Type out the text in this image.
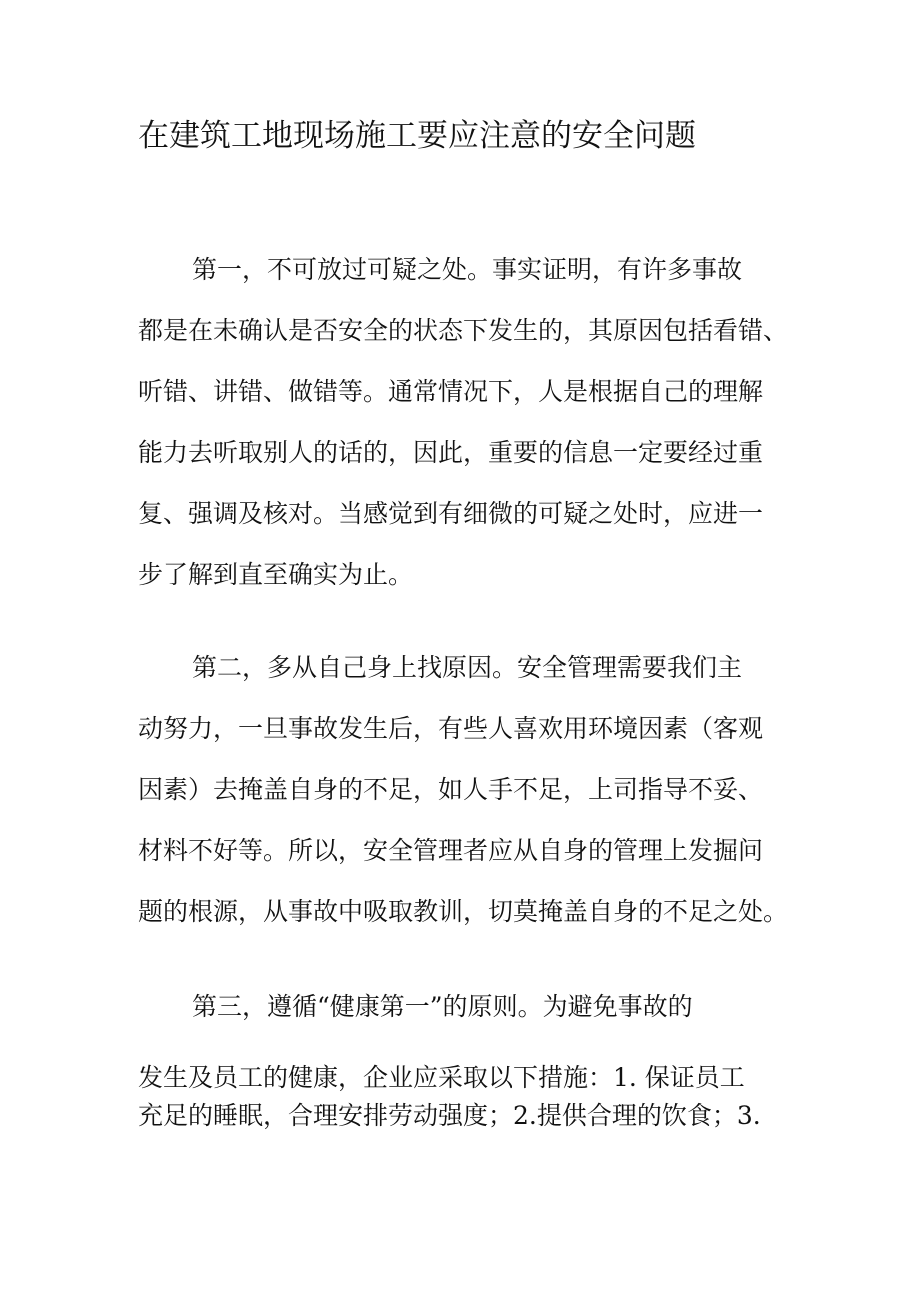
在建筑工地现场施工要应注意的安全问题

第一，不可放过可疑之处。事实证明，有许多事故

都是在未确认是否安全的状态下发生的，其原因包括看错、

听错、讲错、做错等。通常情况下，人是根据自己的理解

能力去听取别人的话的，因此，重要的信息一定要经过重

复、强调及核对。当感觉到有细微的可疑之处时，应进一

步了解到直至确实为止。

第二，多从自己身上找原因。安全管理需要我们主

动努力，一旦事故发生后，有些人喜欢用环境因素（客观

因素）去掩盖自身的不足，如人手不足，上司指导不妥、

材料不好等。所以，安全管理者应从自身的管理上发掘问

题的根源，从事故中吸取教训，切莫掩盖自身的不足之处。

第三，遵循“健康第一”的原则。为避免事故的

发生及员工的健康，企业应采取以下措施：1. 保证员工

充足的睡眠，合理安排劳动强度；2.提供合理的饮食；3.
